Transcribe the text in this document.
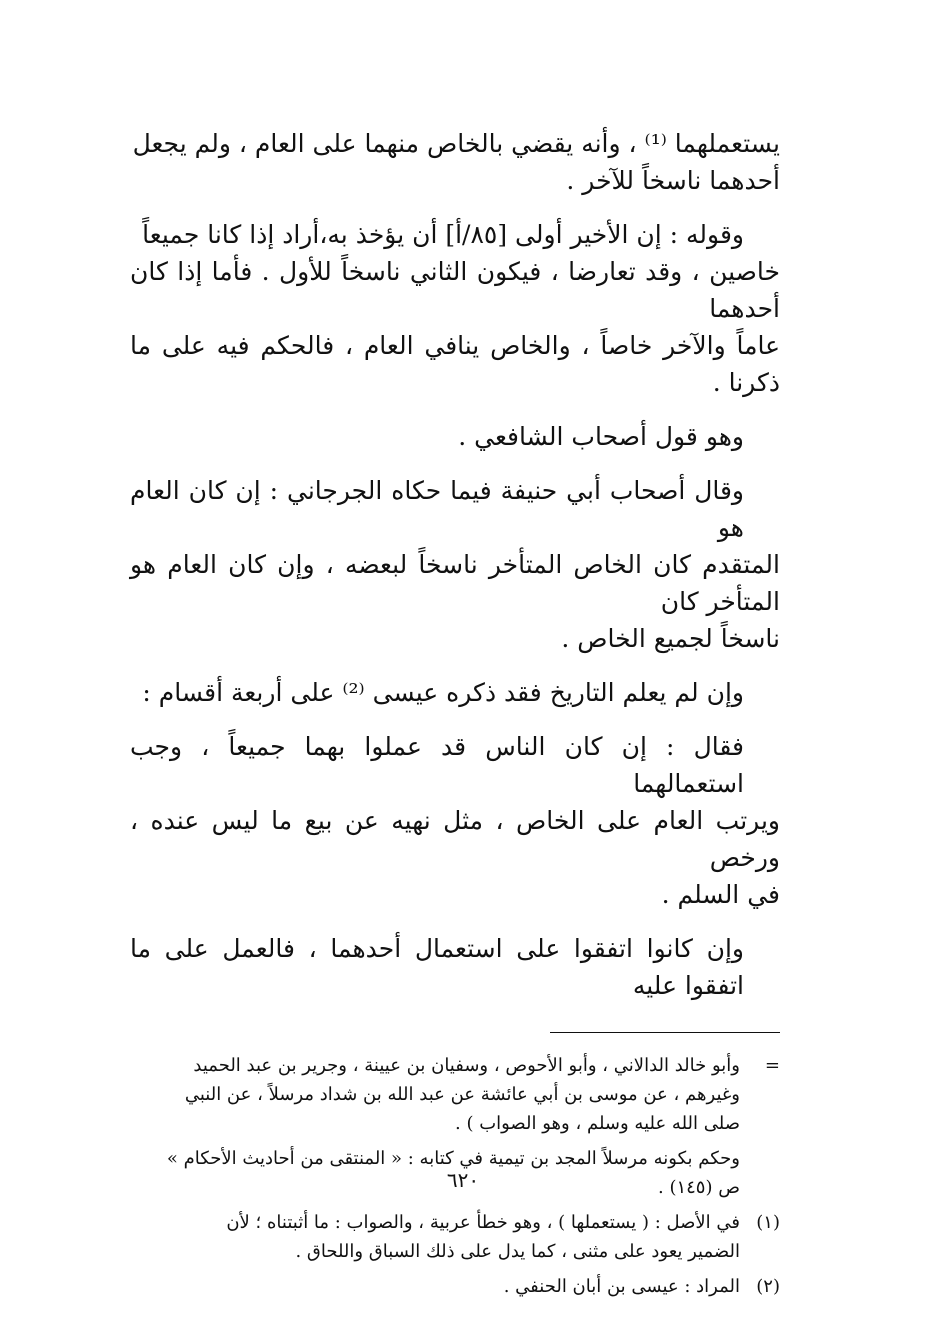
يستعملهما ⁽¹⁾ ، وأنه يقضي بالخاص منهما على العام ، ولم يجعل
أحدهما ناسخاً للآخر .

وقوله : إن الأخير أولى [٨٥/أ] أن يؤخذ به،أراد إذا كانا جميعاً
خاصين ، وقد تعارضا ، فيكون الثاني ناسخاً للأول . فأما إذا كان أحدهما
عاماً والآخر خاصاً ، والخاص ينافي العام ، فالحكم فيه على ما ذكرنا .

وهو قول أصحاب الشافعي .

وقال أصحاب أبي حنيفة فيما حكاه الجرجاني : إن كان العام هو
المتقدم كان الخاص المتأخر ناسخاً لبعضه ، وإن كان العام هو المتأخر كان
ناسخاً لجميع الخاص .

وإن لم يعلم التاريخ فقد ذكره عيسى ⁽²⁾ على أربعة أقسام :

فقال : إن كان الناس قد عملوا بهما جميعاً ، وجب استعمالهما
ويرتب العام على الخاص ، مثل نهيه عن بيع ما ليس عنده ، ورخص
في السلم .

وإن كانوا اتفقوا على استعمال أحدهما ، فالعمل على ما اتفقوا عليه

=
وأبو خالد الدالاني ، وأبو الأحوص ، وسفيان بن عيينة ، وجرير بن عبد الحميد
وغيرهم ، عن موسى بن أبي عائشة عن عبد الله بن شداد مرسلاً ، عن النبي
صلى الله عليه وسلم ، وهو الصواب ) .
وحكم بكونه مرسلاً المجد بن تيمية في كتابه : « المنتقى من أحاديث الأحكام »
ص (١٤٥) .
(١)
في الأصل : ( يستعملها ) ، وهو خطأ عربية ، والصواب : ما أثبتناه ؛ لأن
الضمير يعود على مثنى ، كما يدل على ذلك السباق واللحاق .
(٢)
المراد : عيسى بن أبان الحنفي .
٦٢٠
